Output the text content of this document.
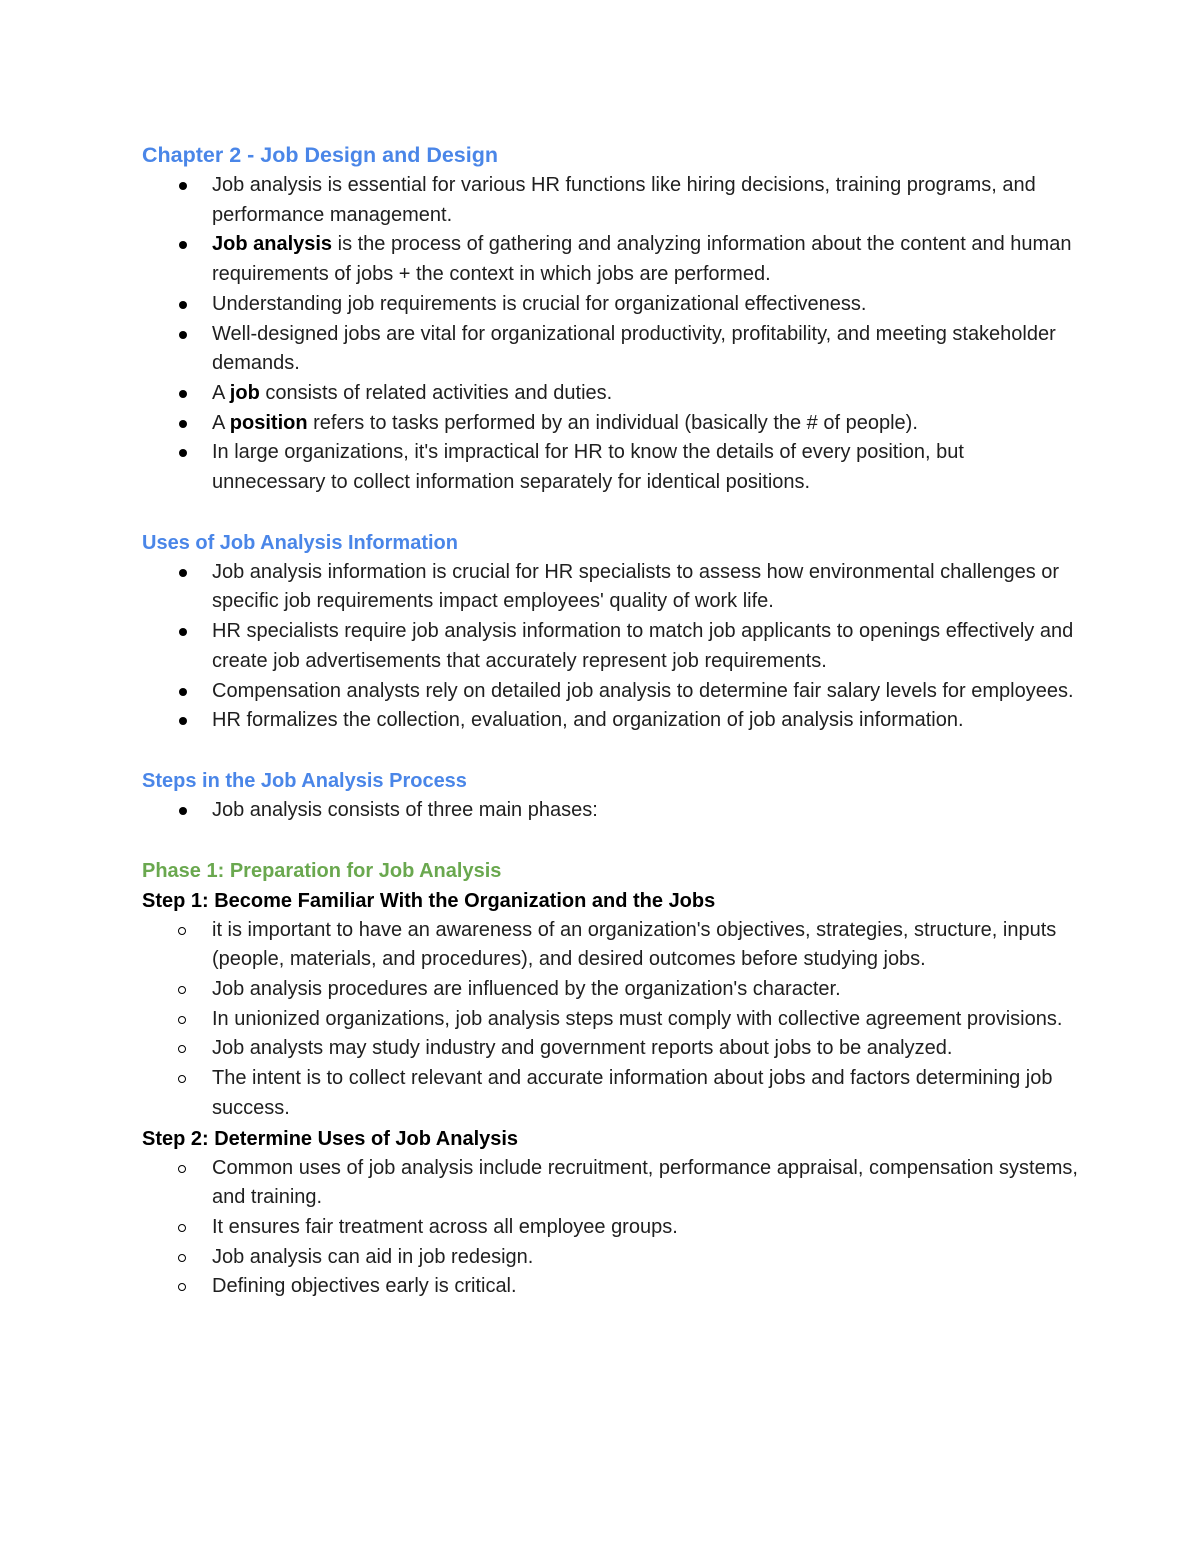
Chapter 2 - Job Design and Design
Job analysis is essential for various HR functions like hiring decisions, training programs, and performance management.
Job analysis is the process of gathering and analyzing information about the content and human requirements of jobs + the context in which jobs are performed.
Understanding job requirements is crucial for organizational effectiveness.
Well-designed jobs are vital for organizational productivity, profitability, and meeting stakeholder demands.
A job consists of related activities and duties.
A position refers to tasks performed by an individual (basically the # of people).
In large organizations, it's impractical for HR to know the details of every position, but unnecessary to collect information separately for identical positions.
Uses of Job Analysis Information
Job analysis information is crucial for HR specialists to assess how environmental challenges or specific job requirements impact employees' quality of work life.
HR specialists require job analysis information to match job applicants to openings effectively and create job advertisements that accurately represent job requirements.
Compensation analysts rely on detailed job analysis to determine fair salary levels for employees.
HR formalizes the collection, evaluation, and organization of job analysis information.
Steps in the Job Analysis Process
Job analysis consists of three main phases:
Phase 1: Preparation for Job Analysis
Step 1: Become Familiar With the Organization and the Jobs
it is important to have an awareness of an organization's objectives, strategies, structure, inputs (people, materials, and procedures), and desired outcomes before studying jobs.
Job analysis procedures are influenced by the organization's character.
In unionized organizations, job analysis steps must comply with collective agreement provisions.
Job analysts may study industry and government reports about jobs to be analyzed.
The intent is to collect relevant and accurate information about jobs and factors determining job success.
Step 2: Determine Uses of Job Analysis
Common uses of job analysis include recruitment, performance appraisal, compensation systems, and training.
It ensures fair treatment across all employee groups.
Job analysis can aid in job redesign.
Defining objectives early is critical.
